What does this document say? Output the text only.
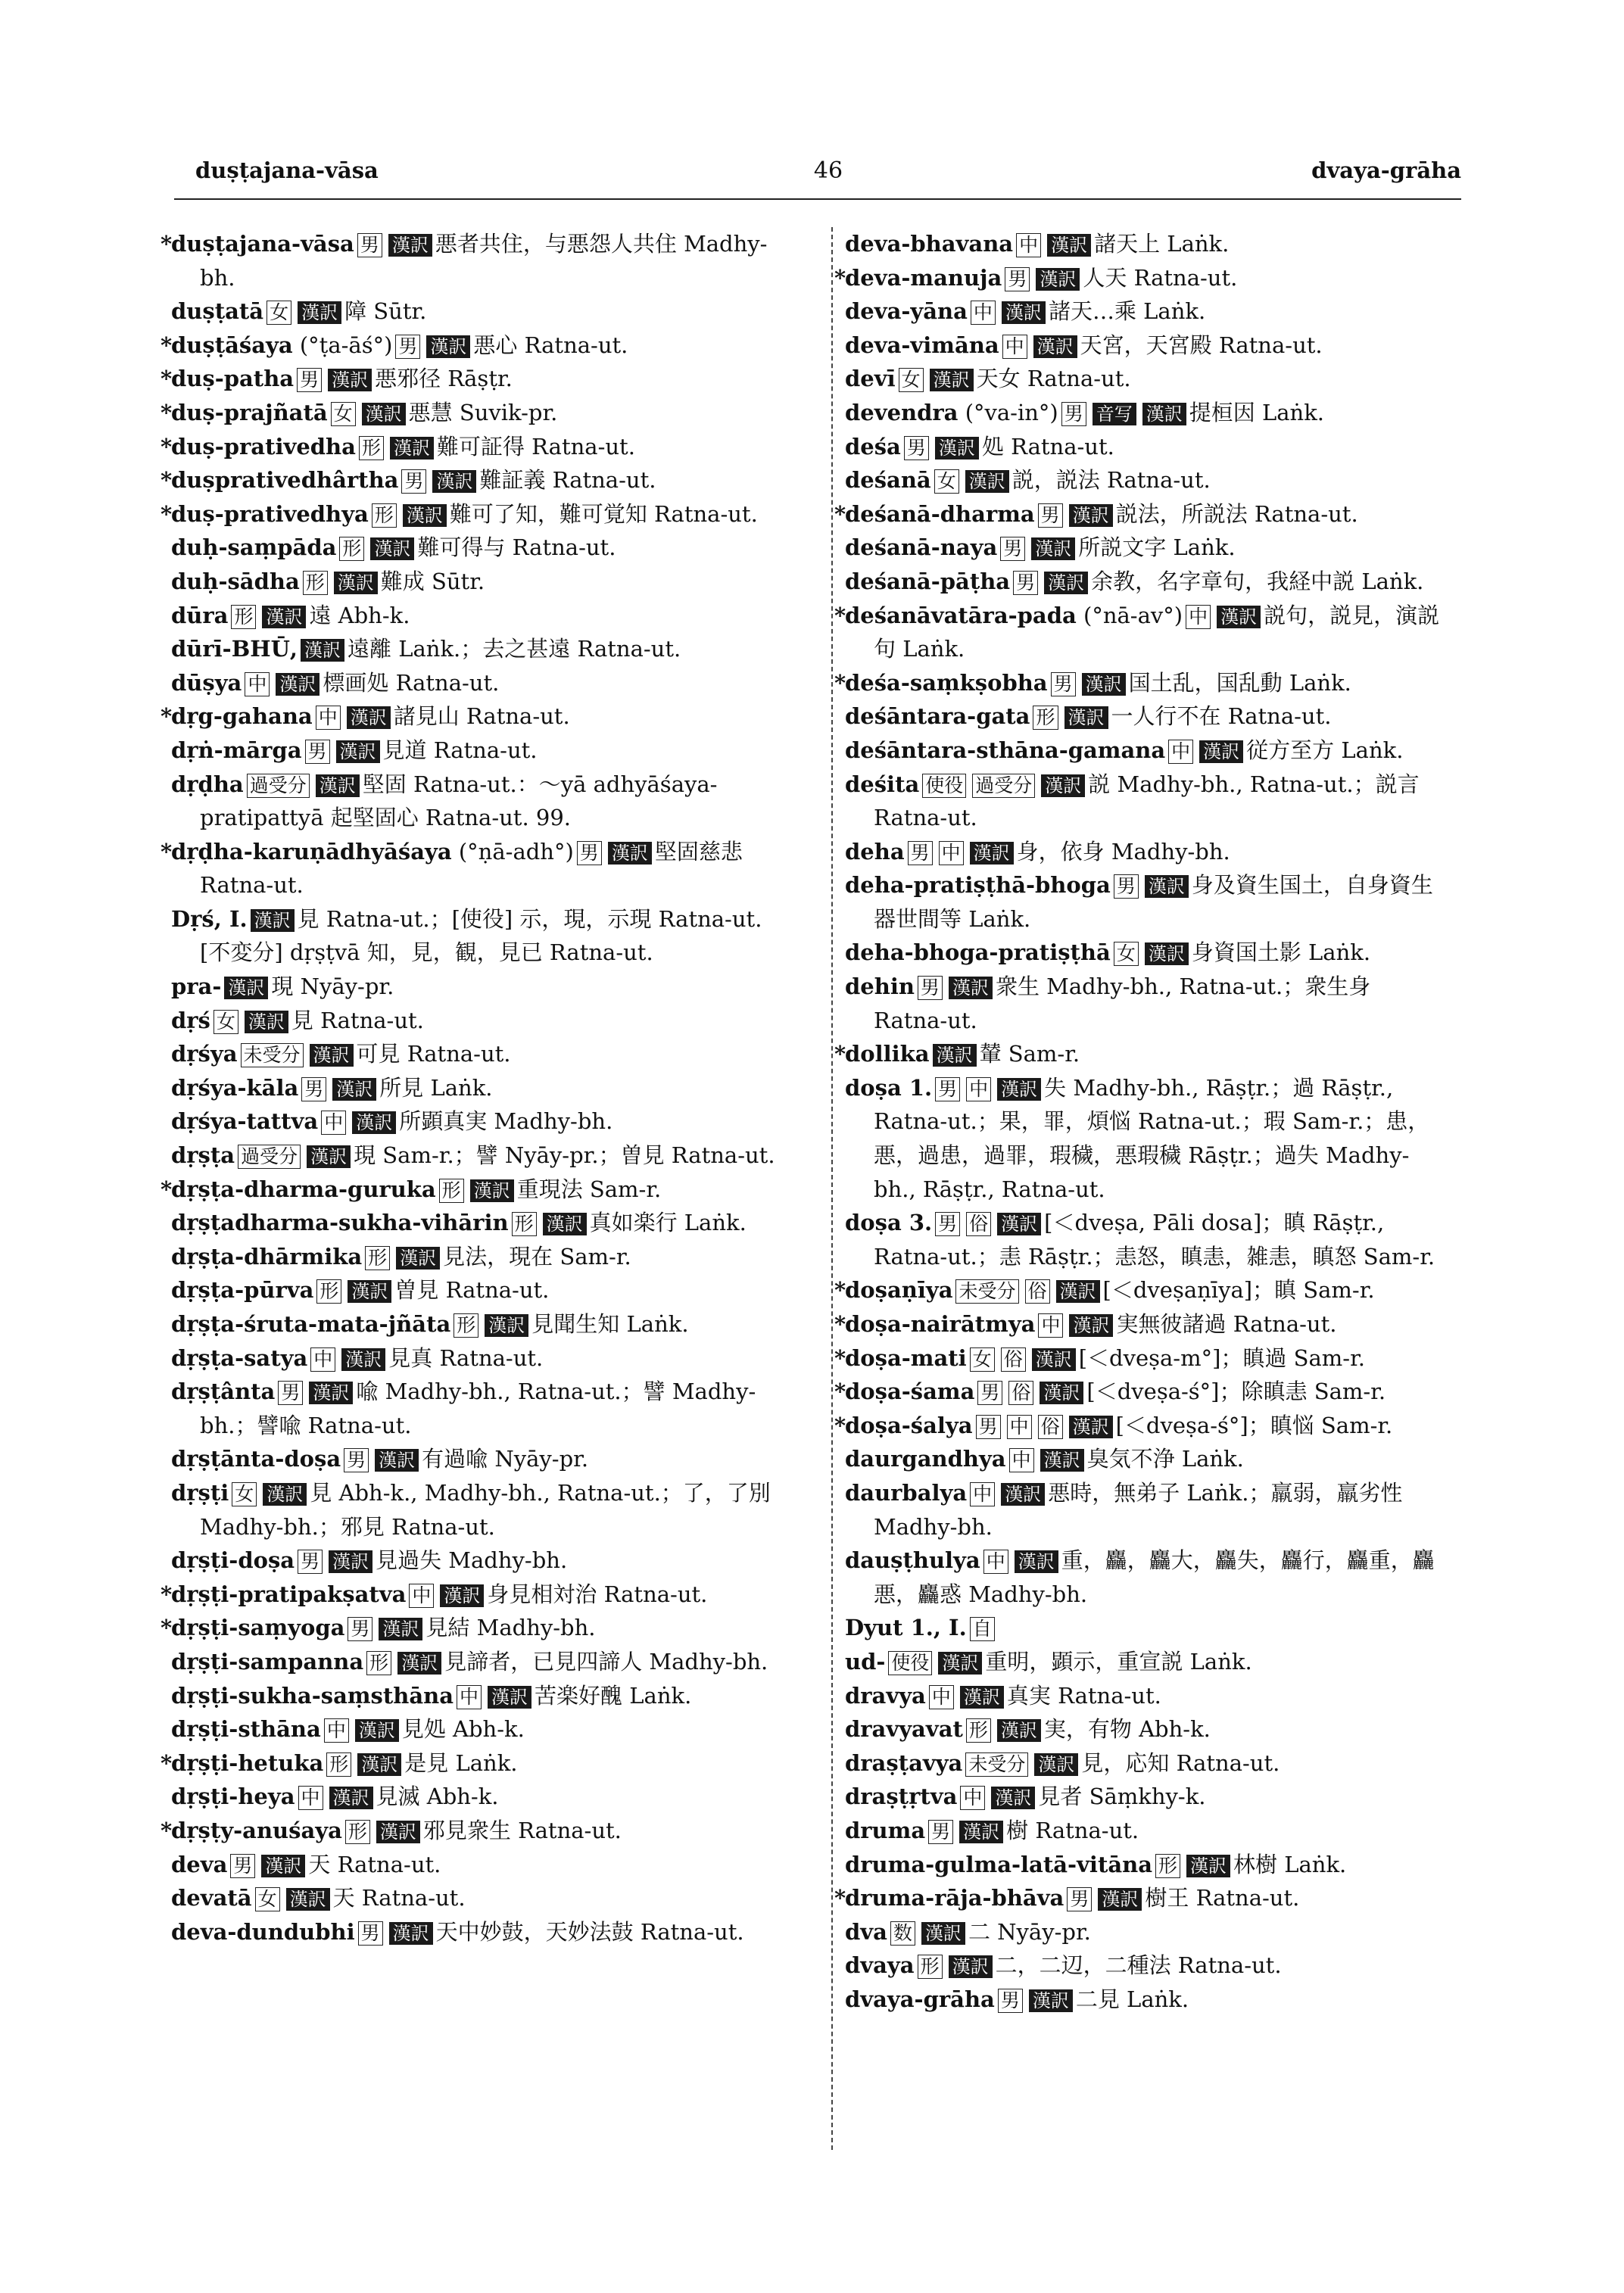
duṣṭajana-vāsa	46	dvaya-grāha
*duṣṭajana-vāsa 男 漢訳 悪者共住，与悪怨人共住 Madhy-bh.
duṣṭatā 女 漢訳 障 Sūtr.
*duṣṭāśaya (°ṭa-āś°) 男 漢訳 悪心 Ratna-ut.
*duṣ-patha 男 漢訳 悪邪径 Rāṣṭr.
*duṣ-prajñatā 女 漢訳 悪慧 Suvik-pr.
*duṣ-prativedha 形 漢訳 難可証得 Ratna-ut.
*duṣprativedhârtha 男 漢訳 難証義 Ratna-ut.
*duṣ-prativedhya 形 漢訳 難可了知，難可覚知 Ratna-ut.
duḥ-saṃpāda 形 漢訳 難可得与 Ratna-ut.
duḥ-sādha 形 漢訳 難成 Sūtr.
dūra 形 漢訳 遠 Abh-k.
dūrī-BHŪ, 漢訳 遠離 Laṅk.；去之甚遠 Ratna-ut.
dūṣya 中 漢訳 標画処 Ratna-ut.
*dṛg-gahana 中 漢訳 諸見山 Ratna-ut.
dṛṅ-mārga 男 漢訳 見道 Ratna-ut.
dṛḍha 過受分 漢訳 堅固 Ratna-ut.：～yā adhyāśaya-pratipattyā 起堅固心 Ratna-ut. 99.
*dṛḍha-karuṇādhyāśaya (°ṇā-adh°) 男 漢訳 堅固慈悲 Ratna-ut.
Dṛś, I. 漢訳 見 Ratna-ut.；[使役] 示，現，示現 Ratna-ut. [不変分] dṛṣṭvā 知，見，観，見已 Ratna-ut.
pra- 漢訳 現 Nyāy-pr.
dṛś 女 漢訳 見 Ratna-ut.
dṛśya 未受分 漢訳 可見 Ratna-ut.
dṛśya-kāla 男 漢訳 所見 Laṅk.
dṛśya-tattva 中 漢訳 所顕真実 Madhy-bh.
dṛṣṭa 過受分 漢訳 現 Sam-r.；譬 Nyāy-pr.；曽見 Ratna-ut.
*dṛṣṭa-dharma-guruka 形 漢訳 重現法 Sam-r.
dṛṣṭadharma-sukha-vihārin 形 漢訳 真如楽行 Laṅk.
dṛṣṭa-dhārmika 形 漢訳 見法，現在 Sam-r.
dṛṣṭa-pūrva 形 漢訳 曽見 Ratna-ut.
dṛṣṭa-śruta-mata-jñāta 形 漢訳 見聞生知 Laṅk.
dṛṣṭa-satya 中 漢訳 見真 Ratna-ut.
dṛṣṭânta 男 漢訳 喩 Madhy-bh., Ratna-ut.；譬 Madhy-bh.；譬喩 Ratna-ut.
dṛṣṭānta-doṣa 男 漢訳 有過喩 Nyāy-pr.
dṛṣṭi 女 漢訳 見 Abh-k., Madhy-bh., Ratna-ut.；了，了別 Madhy-bh.；邪見 Ratna-ut.
dṛṣṭi-doṣa 男 漢訳 見過失 Madhy-bh.
*dṛṣṭi-pratipakṣatva 中 漢訳 身見相対治 Ratna-ut.
*dṛṣṭi-saṃyoga 男 漢訳 見結 Madhy-bh.
dṛṣṭi-sampanna 形 漢訳 見諦者，已見四諦人 Madhy-bh.
dṛṣṭi-sukha-saṃsthāna 中 漢訳 苦楽好醜 Laṅk.
dṛṣṭi-sthāna 中 漢訳 見処 Abh-k.
*dṛṣṭi-hetuka 形 漢訳 是見 Laṅk.
dṛṣṭi-heya 中 漢訳 見滅 Abh-k.
*dṛṣṭy-anuśaya 形 漢訳 邪見衆生 Ratna-ut.
deva 男 漢訳 天 Ratna-ut.
devatā 女 漢訳 天 Ratna-ut.
deva-dundubhi 男 漢訳 天中妙鼓，天妙法鼓 Ratna-ut.
deva-bhavana 中 漢訳 諸天上 Laṅk.
*deva-manuja 男 漢訳 人天 Ratna-ut.
deva-yāna 中 漢訳 諸天…乘 Laṅk.
deva-vimāna 中 漢訳 天宮，天宮殿 Ratna-ut.
devī 女 漢訳 天女 Ratna-ut.
devendra (°va-in°) 男 音写 漢訳 提桓因 Laṅk.
deśa 男 漢訳 処 Ratna-ut.
deśanā 女 漢訳 説，説法 Ratna-ut.
*deśanā-dharma 男 漢訳 説法，所説法 Ratna-ut.
deśanā-naya 男 漢訳 所説文字 Laṅk.
deśanā-pāṭha 男 漢訳 余教，名字章句，我経中説 Laṅk.
*deśanāvatāra-pada (°nā-av°) 中 漢訳 説句，説見，演説句 Laṅk.
*deśa-saṃkṣobha 男 漢訳 国土乱，国乱動 Laṅk.
deśāntara-gata 形 漢訳 一人行不在 Ratna-ut.
deśāntara-sthāna-gamana 中 漢訳 従方至方 Laṅk.
deśita 使役 過受分 漢訳 説 Madhy-bh., Ratna-ut.；説言 Ratna-ut.
deha 男 中 漢訳 身，依身 Madhy-bh.
deha-pratiṣṭhā-bhoga 男 漢訳 身及資生国土，自身資生器世間等 Laṅk.
deha-bhoga-pratiṣṭhā 女 漢訳 身資国土影 Laṅk.
dehin 男 漢訳 衆生 Madhy-bh., Ratna-ut.；衆生身 Ratna-ut.
*dollika 漢訳 輦 Sam-r.
doṣa 1. 男 中 漢訳 失 Madhy-bh., Rāṣṭr.；過 Rāṣṭr., Ratna-ut.；果，罪，煩悩 Ratna-ut.；瑕 Sam-r.；患，悪，過患，過罪，瑕穢，悪瑕穢 Rāṣṭr.；過失 Madhy-bh., Rāṣṭr., Ratna-ut.
doṣa 3. 男 俗 漢訳 [＜dveṣa, Pāli dosa]；瞋 Rāṣṭr., Ratna-ut.；恚 Rāṣṭr.；恚怒，瞋恚，雑恚，瞋怒 Sam-r.
*doṣaṇīya 未受分 俗 漢訳 [＜dveṣaṇīya]；瞋 Sam-r.
*doṣa-nairātmya 中 漢訳 実無彼諸過 Ratna-ut.
*doṣa-mati 女 俗 漢訳 [＜dveṣa-m°]；瞋過 Sam-r.
*doṣa-śama 男 俗 漢訳 [＜dveṣa-ś°]；除瞋恚 Sam-r.
*doṣa-śalya 男 中 俗 漢訳 [＜dveṣa-ś°]；瞋悩 Sam-r.
daurgandhya 中 漢訳 臭気不浄 Laṅk.
daurbalya 中 漢訳 悪時，無弟子 Laṅk.；羸弱，羸劣性 Madhy-bh.
dauṣṭhulya 中 漢訳 重，麤，麤大，麤失，麤行，麤重，麤悪，麤惑 Madhy-bh.
Dyut 1., I. 自
ud- 使役 漢訳 重明，顕示，重宣説 Laṅk.
dravya 中 漢訳 真実 Ratna-ut.
dravyavat 形 漢訳 実，有物 Abh-k.
draṣṭavya 未受分 漢訳 見，応知 Ratna-ut.
draṣṭṛtva 中 漢訳 見者 Sāṃkhy-k.
druma 男 漢訳 樹 Ratna-ut.
druma-gulma-latā-vitāna 形 漢訳 林樹 Laṅk.
*druma-rāja-bhāva 男 漢訳 樹王 Ratna-ut.
dva 数 漢訳 二 Nyāy-pr.
dvaya 形 漢訳 二，二辺，二種法 Ratna-ut.
dvaya-grāha 男 漢訳 二見 Laṅk.
